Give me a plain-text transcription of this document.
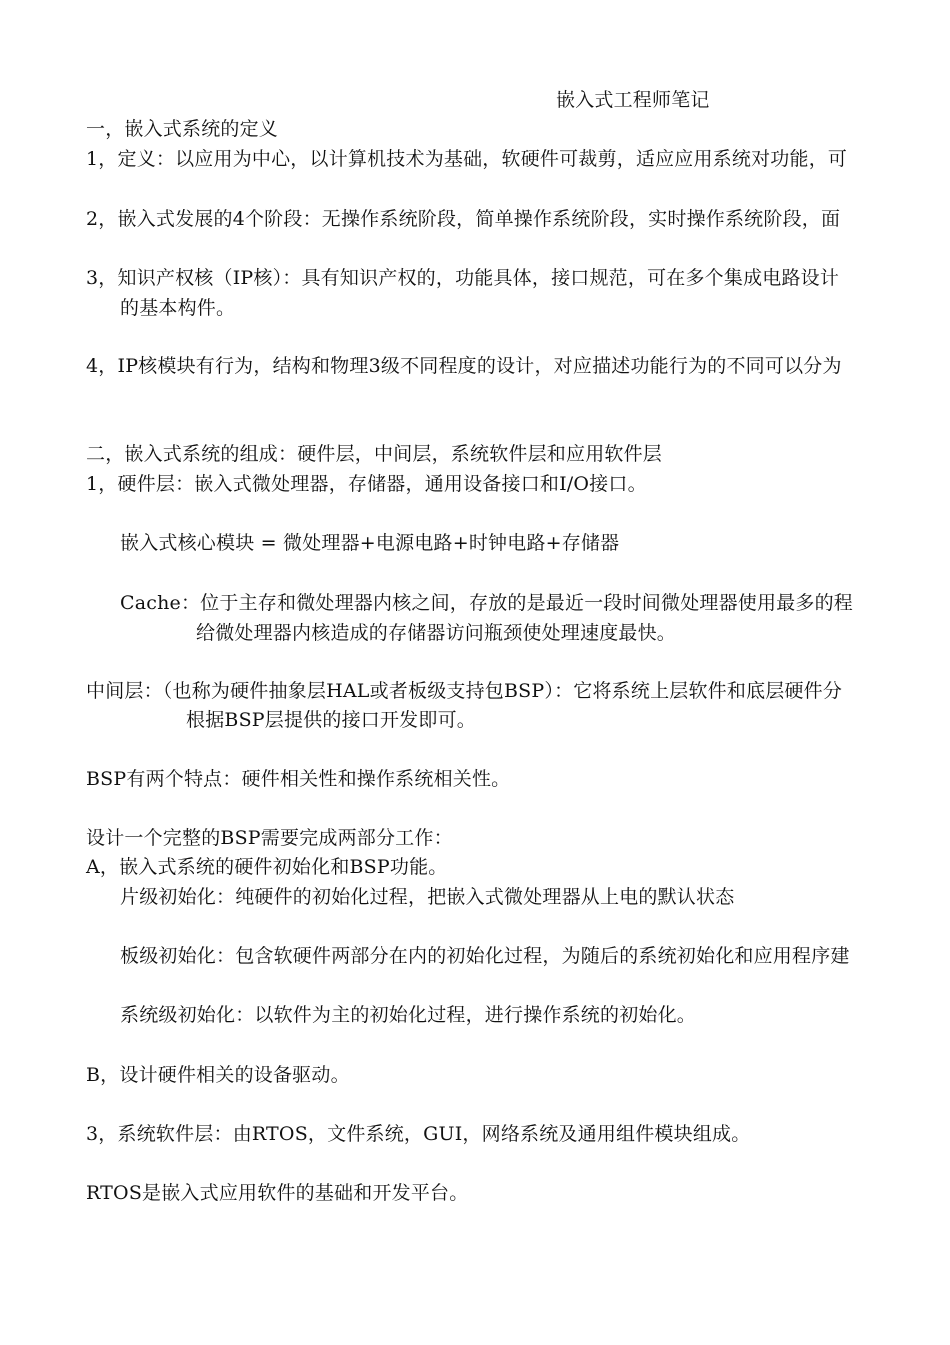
嵌入式工程师笔记
一，嵌入式系统的定义
1，定义：以应用为中心，以计算机技术为基础，软硬件可裁剪，适应应用系统对功能，可
2，嵌入式发展的4个阶段：无操作系统阶段，简单操作系统阶段，实时操作系统阶段，面
3，知识产权核（IP核）：具有知识产权的，功能具体，接口规范，可在多个集成电路设计
的基本构件。
4，IP核模块有行为，结构和物理3级不同程度的设计，对应描述功能行为的不同可以分为
二，嵌入式系统的组成：硬件层，中间层，系统软件层和应用软件层
1，硬件层：嵌入式微处理器，存储器，通用设备接口和I/O接口。
嵌入式核心模块 = 微处理器+电源电路+时钟电路+存储器
Cache：位于主存和微处理器内核之间，存放的是最近一段时间微处理器使用最多的程
给微处理器内核造成的存储器访问瓶颈使处理速度最快。
中间层：（也称为硬件抽象层HAL或者板级支持包BSP）：它将系统上层软件和底层硬件分
根据BSP层提供的接口开发即可。
BSP有两个特点：硬件相关性和操作系统相关性。
设计一个完整的BSP需要完成两部分工作：
A，嵌入式系统的硬件初始化和BSP功能。
片级初始化：纯硬件的初始化过程，把嵌入式微处理器从上电的默认状态
板级初始化：包含软硬件两部分在内的初始化过程，为随后的系统初始化和应用程序建
系统级初始化：以软件为主的初始化过程，进行操作系统的初始化。
B，设计硬件相关的设备驱动。
3，系统软件层：由RTOS，文件系统，GUI，网络系统及通用组件模块组成。
RTOS是嵌入式应用软件的基础和开发平台。
